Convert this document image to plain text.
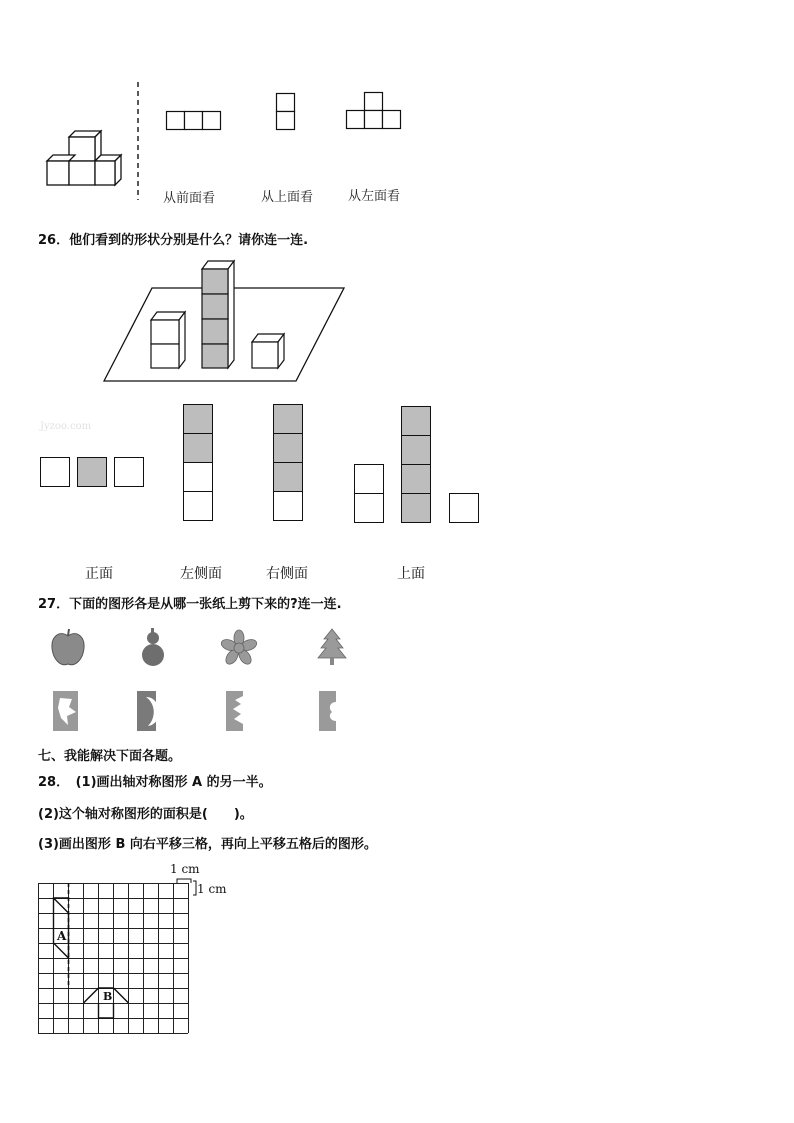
从前面看	从上面看	从左面看
26．他们看到的形状分别是什么？请你连一连.
Jyzoo.com
正面	左侧面	右侧面	上面
27．下面的图形各是从哪一张纸上剪下来的?连一连.
七、我能解决下面各题。
28．　(1)画出轴对称图形 A 的另一半。
(2)这个轴对称图形的面积是(　　)。
(3)画出图形 B 向右平移三格，再向上平移五格后的图形。
1 cm
1 cm
A
B
